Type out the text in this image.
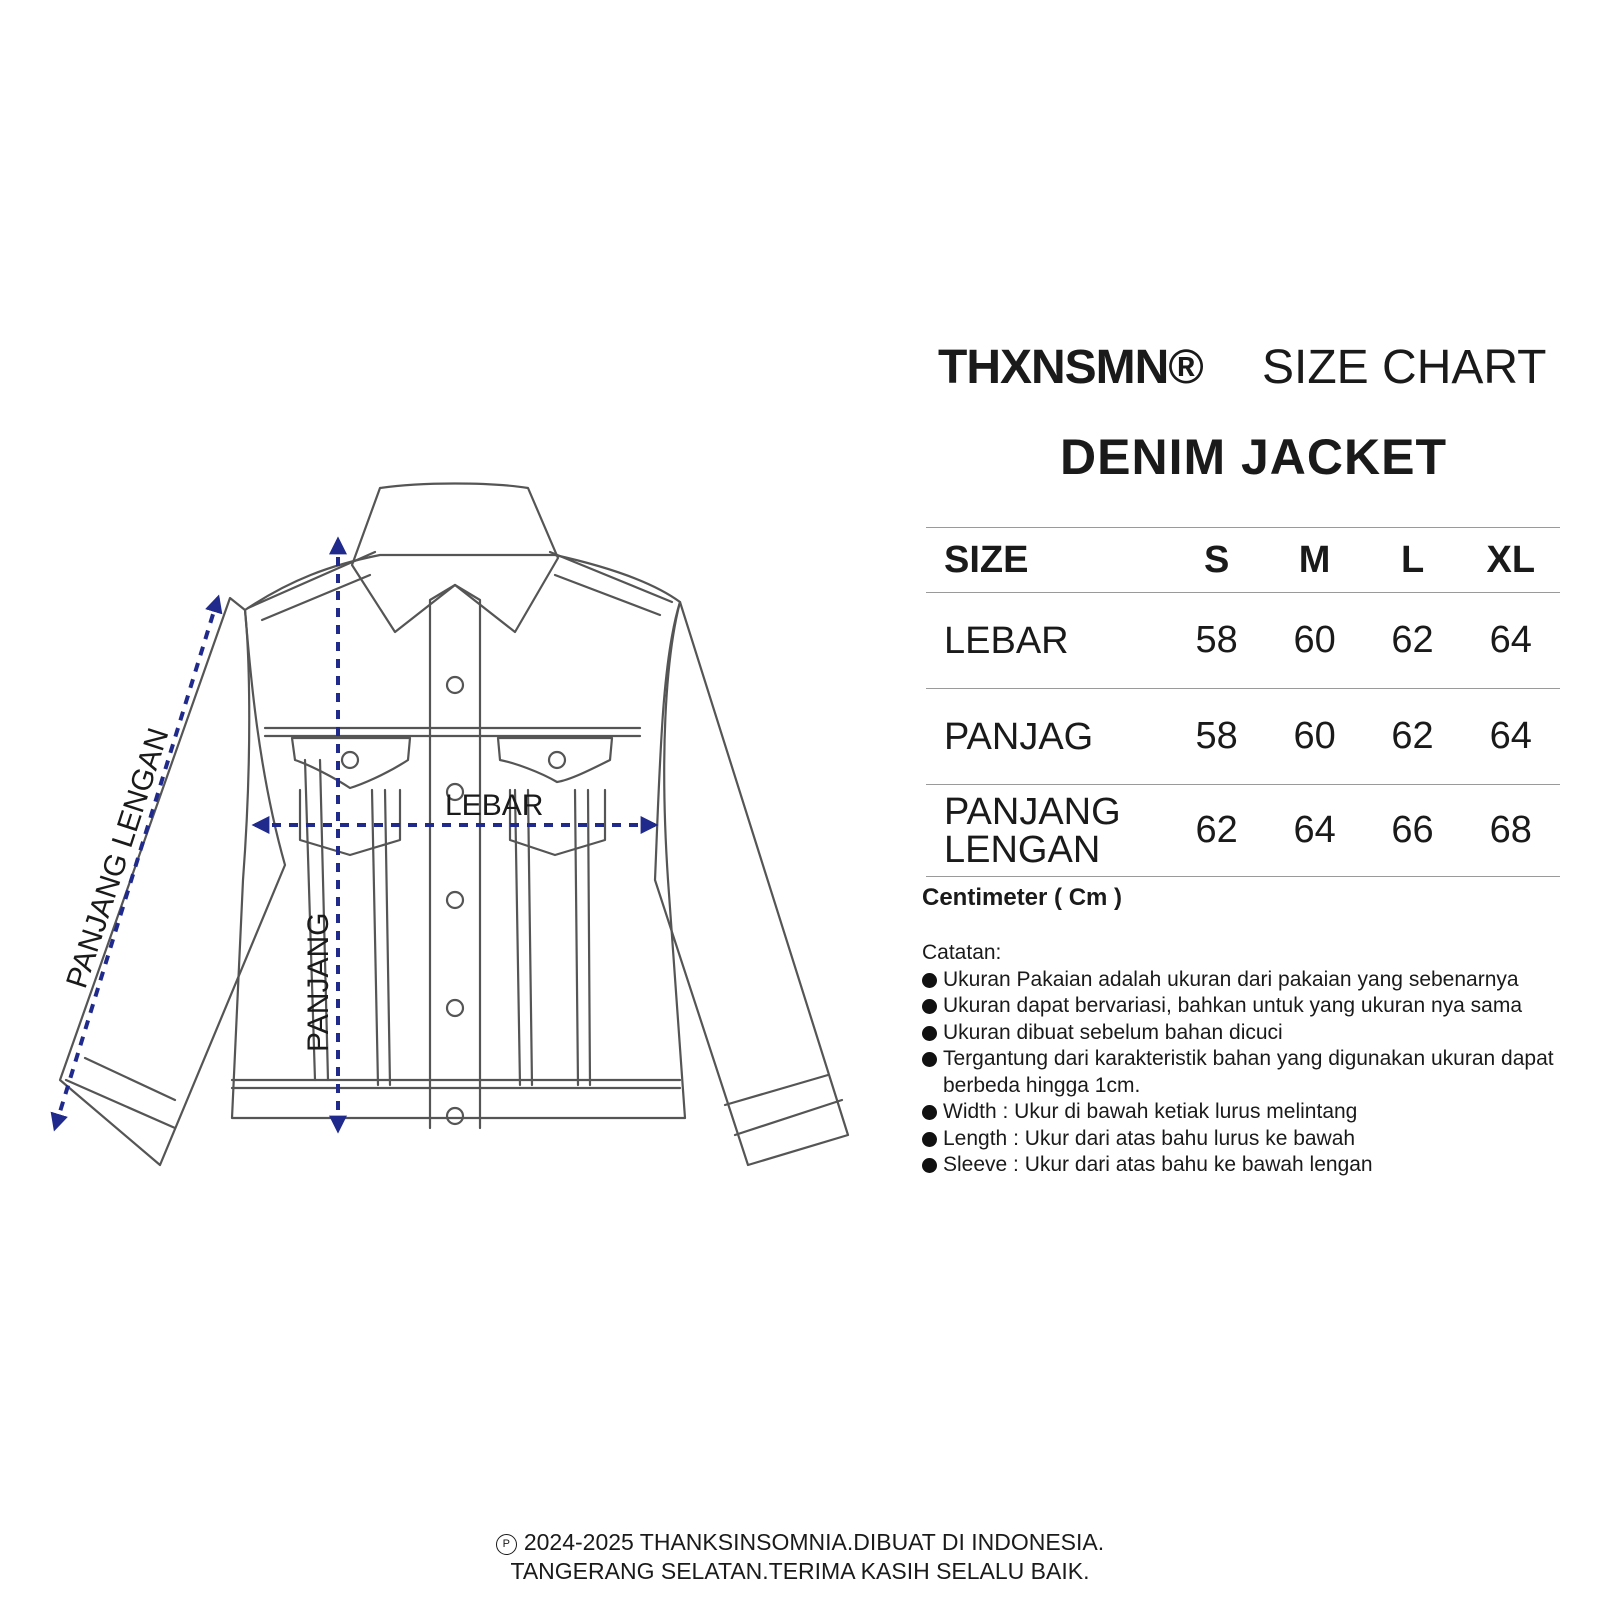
LEBAR
PANJANG
PANJANG LENGAN
THXNSMN® SIZE CHART
DENIM JACKET
SIZE	S	M	L	XL
LEBAR	58	60	62	64
PANJAG	58	60	62	64
PANJANG
LENGAN	62	64	66	68
Centimeter ( Cm )

Catatan:

Ukuran Pakaian adalah ukuran dari pakaian yang sebenarnya
Ukuran dapat bervariasi, bahkan untuk yang ukuran nya sama
Ukuran dibuat sebelum bahan dicuci
Tergantung dari karakteristik bahan yang digunakan ukuran dapat berbeda hingga 1cm.
Width : Ukur di bawah ketiak lurus melintang
Length : Ukur dari atas bahu lurus ke bawah
Sleeve : Ukur dari atas bahu ke bawah lengan
P 2024-2025 THANKSINSOMNIA.DIBUAT DI INDONESIA.
TANGERANG SELATAN.TERIMA KASIH SELALU BAIK.
